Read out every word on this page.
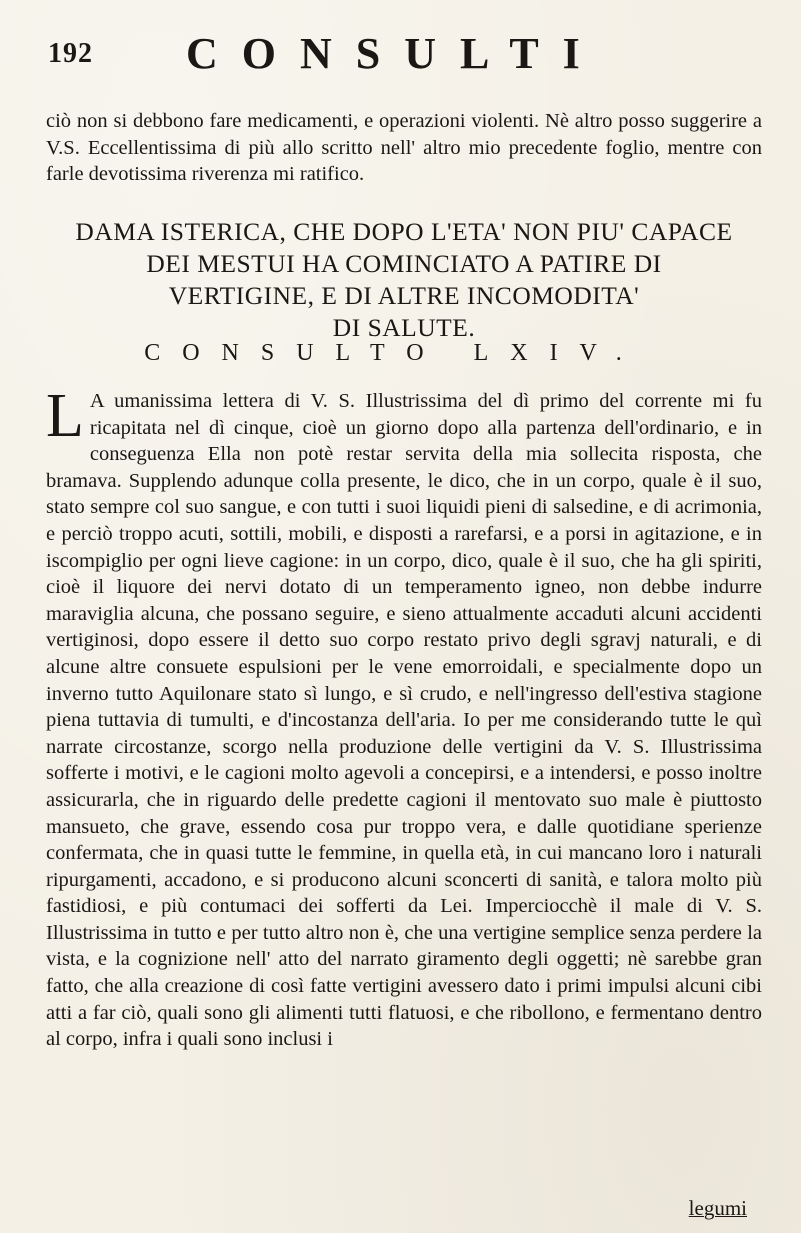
192 CONSULTI
ciò non si debbono fare medicamenti, e operazioni violenti. Nè altro posso suggerire a V.S. Eccellentissima di più allo scritto nell' altro mio precedente foglio, mentre con farle devotissima riverenza mi ratifico.
DAMA ISTERICA, CHE DOPO L'ETA' NON PIU' CAPACE
DEI MESTUI HA COMINCIATO A PATIRE DI
VERTIGINE, E DI ALTRE INCOMODITA'
DI SALUTE.
CONSULTO LXIV.
L A umanissima lettera di V. S. Illustrissima del dì primo del corrente mi fu ricapitata nel dì cinque, cioè un giorno dopo alla partenza dell'ordinario, e in conseguenza Ella non potè restar servita della mia sollecita risposta, che bramava. Supplendo adunque colla presente, le dico, che in un corpo, quale è il suo, stato sempre col suo sangue, e con tutti i suoi liquidi pieni di salsedine, e di acrimonia, e perciò troppo acuti, sottili, mobili, e disposti a rarefarsi, e a porsi in agitazione, e in iscompiglio per ogni lieve cagione: in un corpo, dico, quale è il suo, che ha gli spiriti, cioè il liquore dei nervi dotato di un temperamento igneo, non debbe indurre maraviglia alcuna, che possano seguire, e sieno attualmente accaduti alcuni accidenti vertiginosi, dopo essere il detto suo corpo restato privo degli sgravj naturali, e di alcune altre consuete espulsioni per le vene emorroidali, e specialmente dopo un inverno tutto Aquilonare stato sì lungo, e sì crudo, e nell'ingresso dell'estiva stagione piena tuttavia di tumulti, e d'incostanza dell'aria. Io per me considerando tutte le quì narrate circostanze, scorgo nella produzione delle vertigini da V. S. Illustrissima sofferte i motivi, e le cagioni molto agevoli a concepirsi, e a intendersi, e posso inoltre assicurarla, che in riguardo delle predette cagioni il mentovato suo male è piuttosto mansueto, che grave, essendo cosa pur troppo vera, e dalle quotidiane sperienze confermata, che in quasi tutte le femmine, in quella età, in cui mancano loro i naturali ripurgamenti, accadono, e si producono alcuni sconcerti di sanità, e talora molto più fastidiosi, e più contumaci dei sofferti da Lei. Imperciocchè il male di V. S. Illustrissima in tutto e per tutto altro non è, che una vertigine semplice senza perdere la vista, e la cognizione nell' atto del narrato giramento degli oggetti; nè sarebbe gran fatto, che alla creazione di così fatte vertigini avessero dato i primi impulsi alcuni cibi atti a far ciò, quali sono gli alimenti tutti flatuosi, e che ribollono, e fermentano dentro al corpo, infra i quali sono inclusi i
legumi
